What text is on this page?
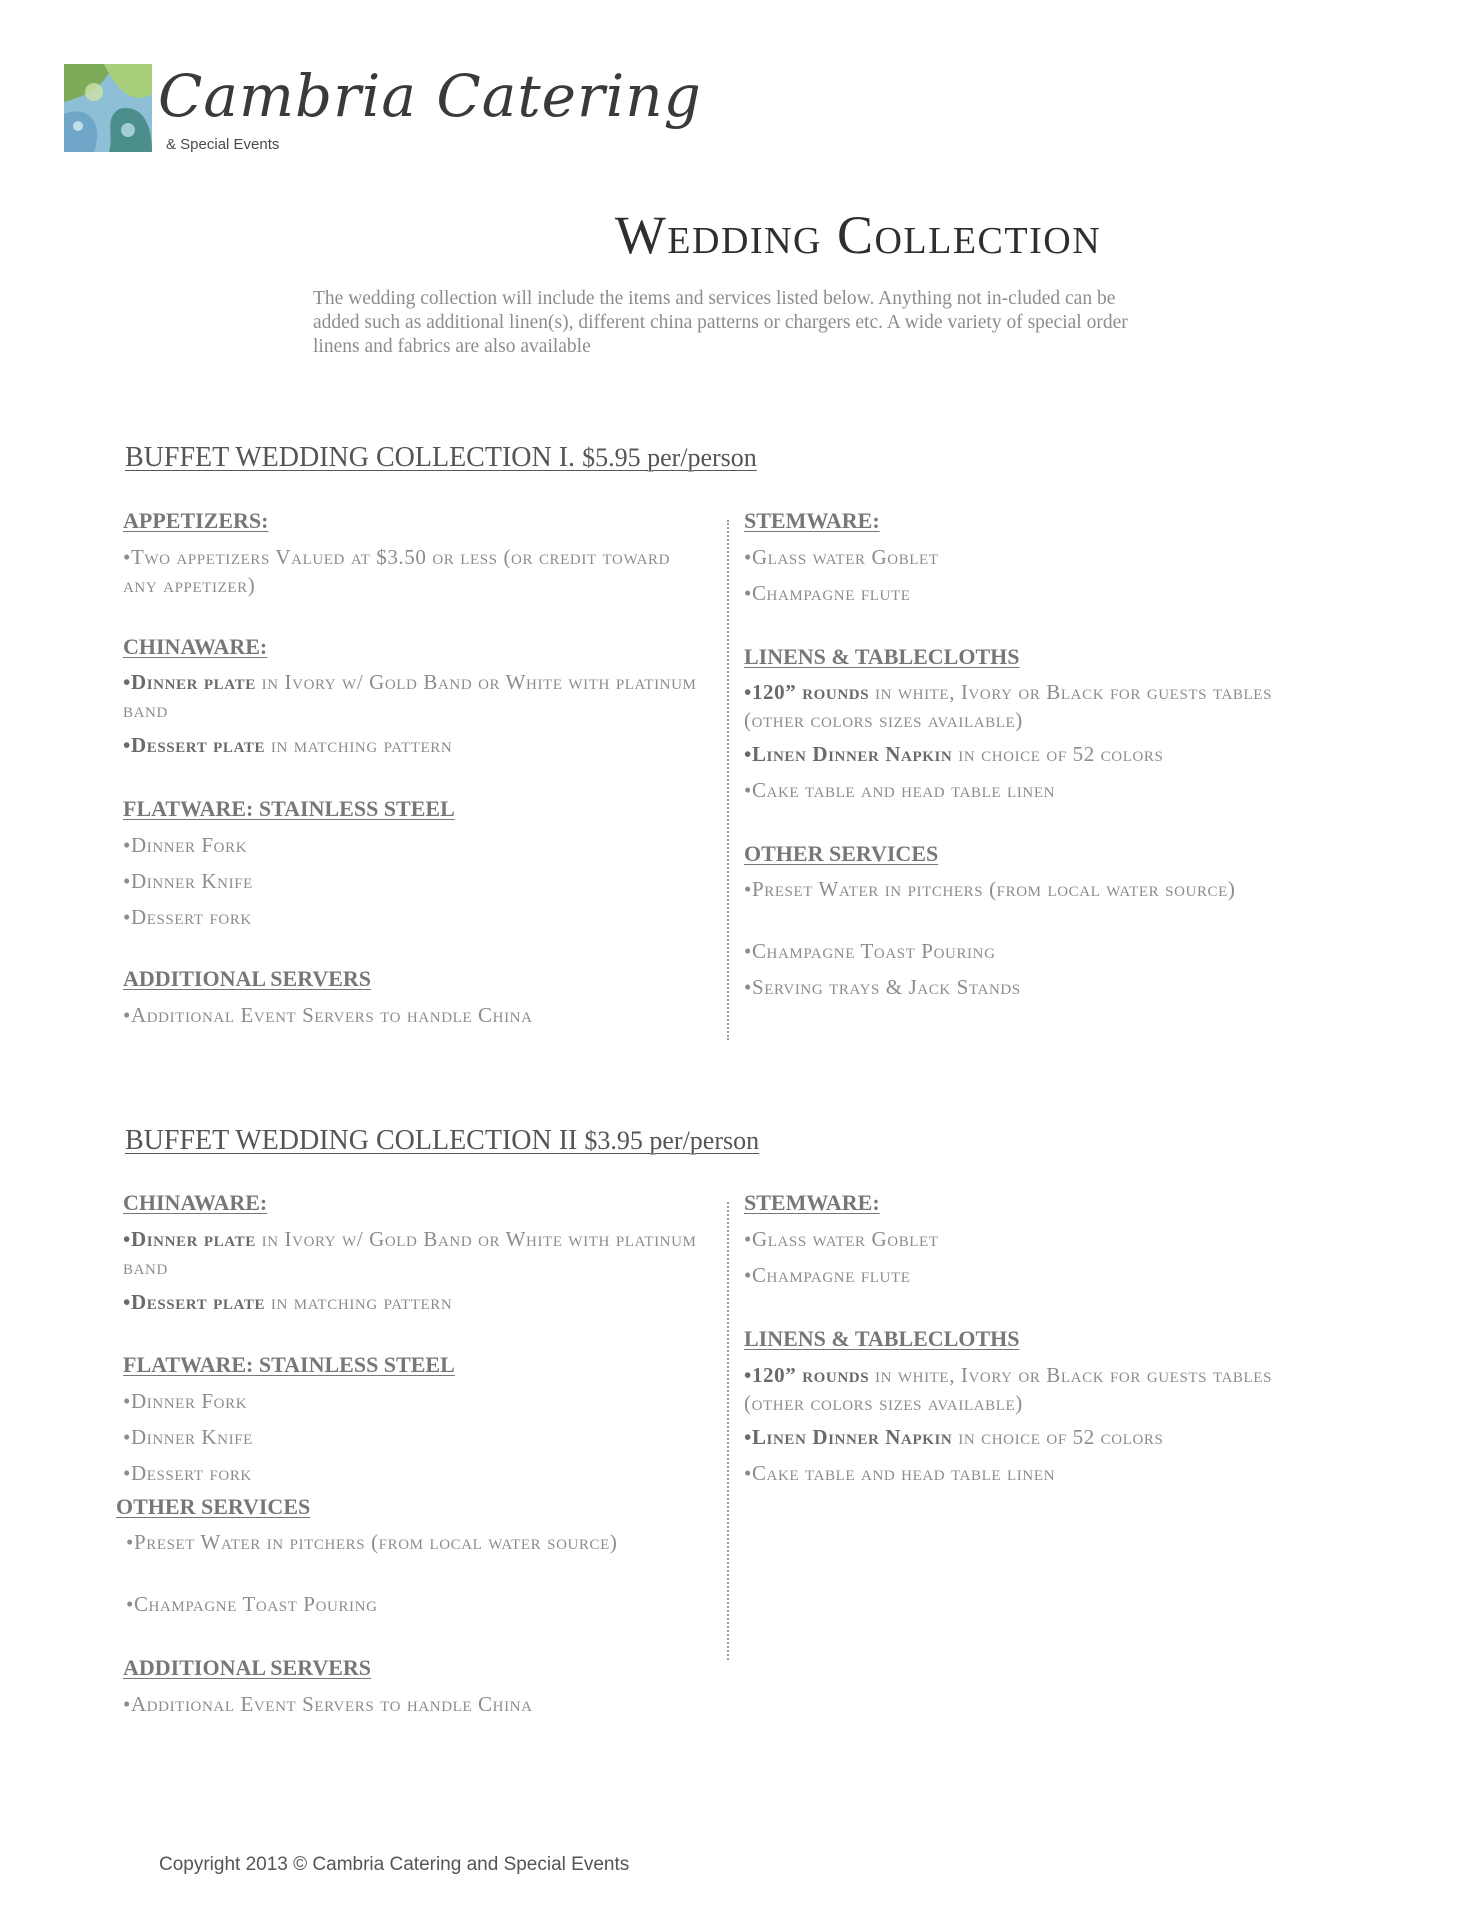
Cambria Catering
& Special Events
Wedding Collection
The wedding collection will include the items and services listed below. Anything not in-cluded can be added such as additional linen(s), different china patterns or chargers etc. A wide variety of special order linens and fabrics are also available
BUFFET WEDDING COLLECTION I. $5.95 per/person
APPETIZERS:
•Two appetizers Valued at $3.50 or less (or credit toward any appetizer)
CHINAWARE:
•Dinner plate in Ivory w/ Gold Band or White with platinum band
•Dessert plate in matching pattern
FLATWARE: STAINLESS STEEL
•Dinner Fork
•Dinner Knife
•Dessert fork
ADDITIONAL SERVERS
•Additional Event Servers to handle China
STEMWARE:
•Glass water Goblet
•Champagne flute
LINENS & TABLECLOTHS
•120” rounds in white, Ivory or Black for guests tables (other colors sizes available)
•Linen Dinner Napkin in choice of 52 colors
•Cake table and head table linen
OTHER SERVICES
•Preset Water in pitchers (from local water source)
•Champagne Toast Pouring
•Serving trays & Jack Stands
BUFFET WEDDING COLLECTION II $3.95 per/person
CHINAWARE:
•Dinner plate in Ivory w/ Gold Band or White with platinum band
•Dessert plate in matching pattern
FLATWARE: STAINLESS STEEL
•Dinner Fork
•Dinner Knife
•Dessert fork
OTHER SERVICES
•Preset Water in pitchers (from local water source)
•Champagne Toast Pouring
ADDITIONAL SERVERS
•Additional Event Servers to handle China
STEMWARE:
•Glass water Goblet
•Champagne flute
LINENS & TABLECLOTHS
•120” rounds in white, Ivory or Black for guests tables (other colors sizes available)
•Linen Dinner Napkin in choice of 52 colors
•Cake table and head table linen
Copyright 2013 © Cambria Catering and Special Events
